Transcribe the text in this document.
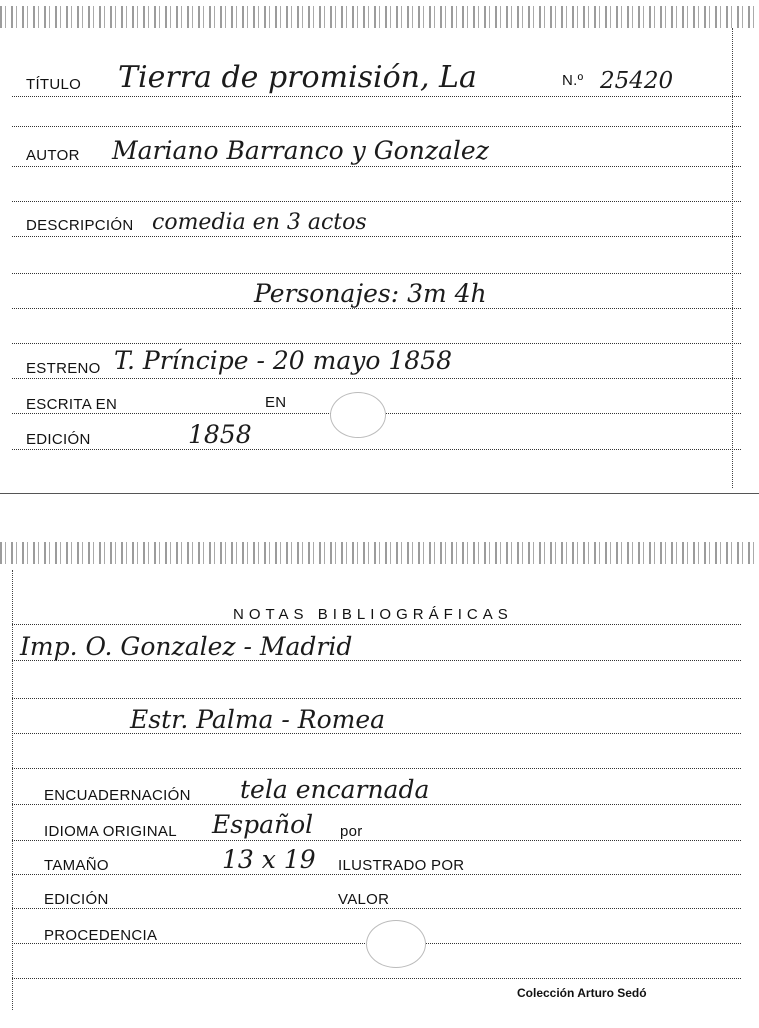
TÍTULO Tierra de promisión, La	N.º 25420
AUTOR Mariano Barranco y Gonzalez
DESCRIPCIÓN comedia en 3 actos
Personajes: 3m 4h
ESTRENO T. Príncipe - 20 mayo 1858
ESCRITA EN	EN
EDICIÓN	1858
NOTAS BIBLIOGRÁFICAS
Imp. O. Gonzalez - Madrid
Estr. Palma - Romea
ENCUADERNACIÓN tela encarnada
IDIOMA ORIGINAL Español por
TAMAÑO	13 x 19 ILUSTRADO POR
EDICIÓN	VALOR
PROCEDENCIA
Colección Arturo Sedó
